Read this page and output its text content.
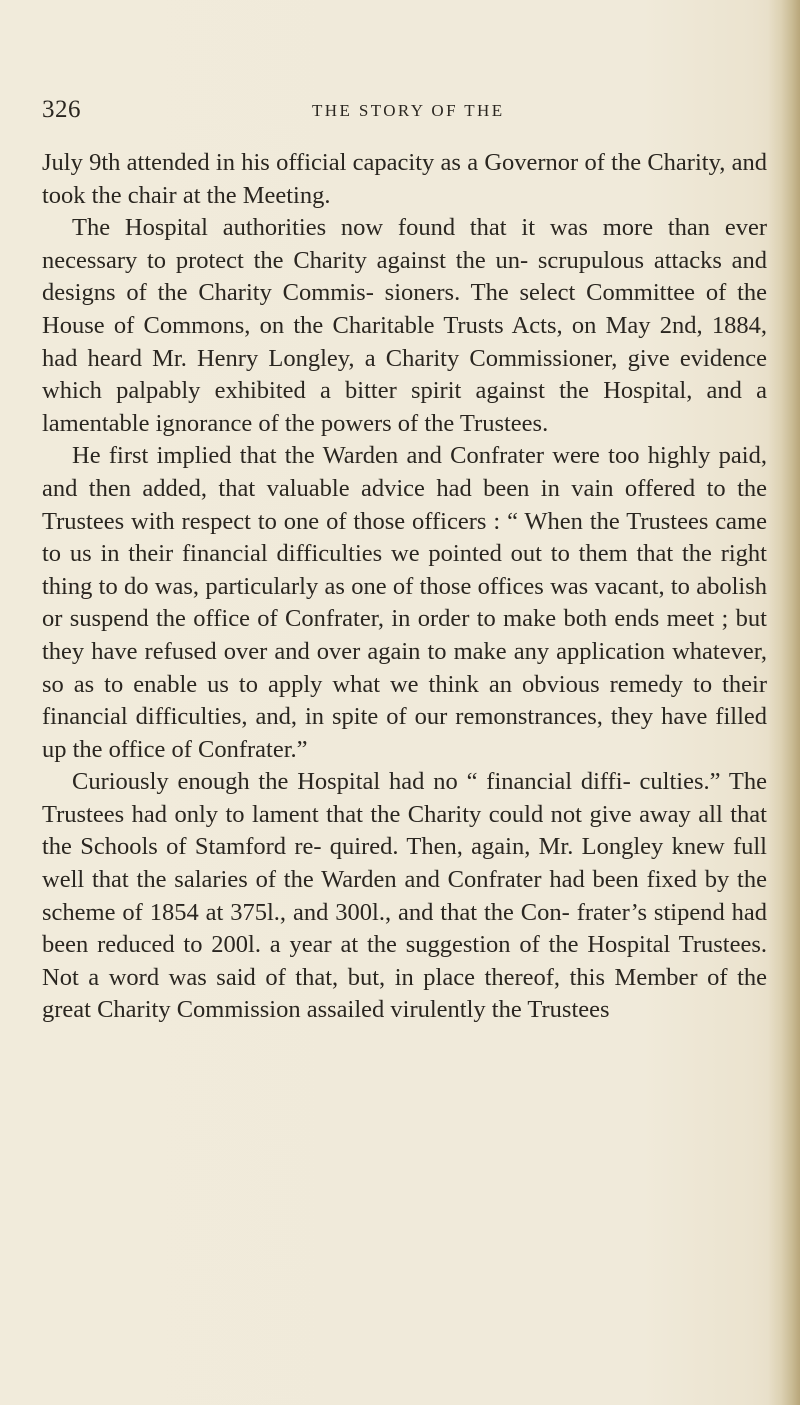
326	THE STORY OF THE

July 9th attended in his official capacity as a Governor of the Charity, and took the chair at the Meeting.

The Hospital authorities now found that it was more than ever necessary to protect the Charity against the un- scrupulous attacks and designs of the Charity Commis- sioners. The select Committee of the House of Commons, on the Charitable Trusts Acts, on May 2nd, 1884, had heard Mr. Henry Longley, a Charity Commissioner, give evidence which palpably exhibited a bitter spirit against the Hospital, and a lamentable ignorance of the powers of the Trustees.

He first implied that the Warden and Confrater were too highly paid, and then added, that valuable advice had been in vain offered to the Trustees with respect to one of those officers : “ When the Trustees came to us in their financial difficulties we pointed out to them that the right thing to do was, particularly as one of those offices was vacant, to abolish or suspend the office of Confrater, in order to make both ends meet ; but they have refused over and over again to make any application whatever, so as to enable us to apply what we think an obvious remedy to their financial difficulties, and, in spite of our remonstrances, they have filled up the office of Confrater.”

Curiously enough the Hospital had no “ financial diffi- culties.” The Trustees had only to lament that the Charity could not give away all that the Schools of Stamford re- quired. Then, again, Mr. Longley knew full well that the salaries of the Warden and Confrater had been fixed by the scheme of 1854 at 375l., and 300l., and that the Con- frater’s stipend had been reduced to 200l. a year at the suggestion of the Hospital Trustees. Not a word was said of that, but, in place thereof, this Member of the great Charity Commission assailed virulently the Trustees
